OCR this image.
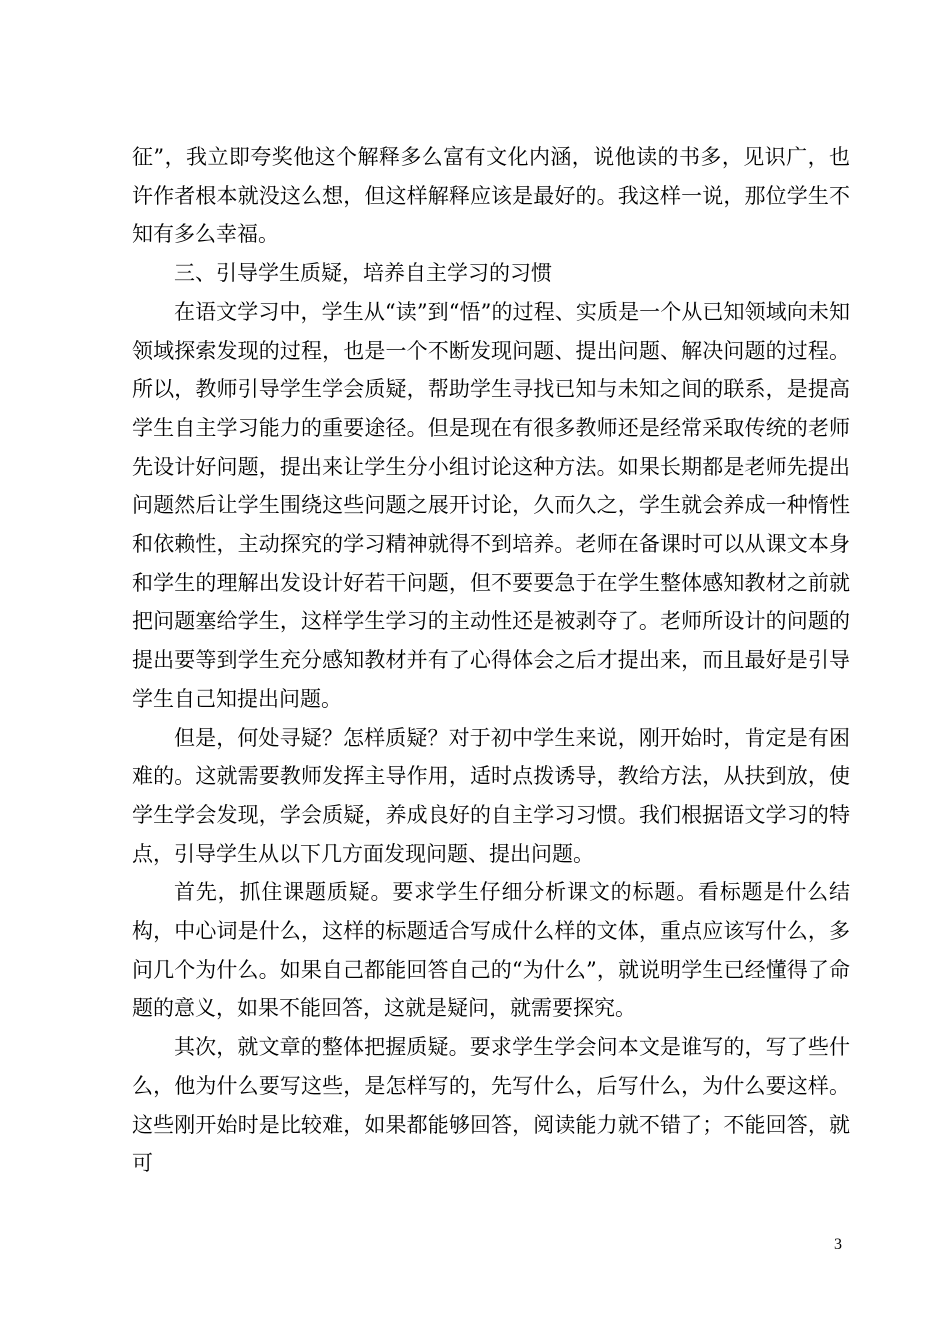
征”，我立即夸奖他这个解释多么富有文化内涵，说他读的书多，见识广，也许作者根本就没这么想，但这样解释应该是最好的。我这样一说，那位学生不知有多么幸福。

三、引导学生质疑，培养自主学习的习惯

在语文学习中，学生从“读”到“悟”的过程、实质是一个从已知领域向未知领域探索发现的过程，也是一个不断发现问题、提出问题、解决问题的过程。所以，教师引导学生学会质疑，帮助学生寻找已知与未知之间的联系，是提高学生自主学习能力的重要途径。但是现在有很多教师还是经常采取传统的老师先设计好问题，提出来让学生分小组讨论这种方法。如果长期都是老师先提出问题然后让学生围绕这些问题之展开讨论，久而久之，学生就会养成一种惰性和依赖性，主动探究的学习精神就得不到培养。老师在备课时可以从课文本身和学生的理解出发设计好若干问题，但不要要急于在学生整体感知教材之前就把问题塞给学生，这样学生学习的主动性还是被剥夺了。老师所设计的问题的提出要等到学生充分感知教材并有了心得体会之后才提出来，而且最好是引导学生自己知提出问题。

但是，何处寻疑？怎样质疑？对于初中学生来说，刚开始时，肯定是有困难的。这就需要教师发挥主导作用，适时点拨诱导，教给方法，从扶到放，使学生学会发现，学会质疑，养成良好的自主学习习惯。我们根据语文学习的特点，引导学生从以下几方面发现问题、提出问题。

首先，抓住课题质疑。要求学生仔细分析课文的标题。看标题是什么结构，中心词是什么，这样的标题适合写成什么样的文体，重点应该写什么，多问几个为什么。如果自己都能回答自己的“为什么”，就说明学生已经懂得了命题的意义，如果不能回答，这就是疑问，就需要探究。

其次，就文章的整体把握质疑。要求学生学会问本文是谁写的，写了些什么，他为什么要写这些，是怎样写的，先写什么，后写什么，为什么要这样。这些刚开始时是比较难，如果都能够回答，阅读能力就不错了；不能回答，就可

3
